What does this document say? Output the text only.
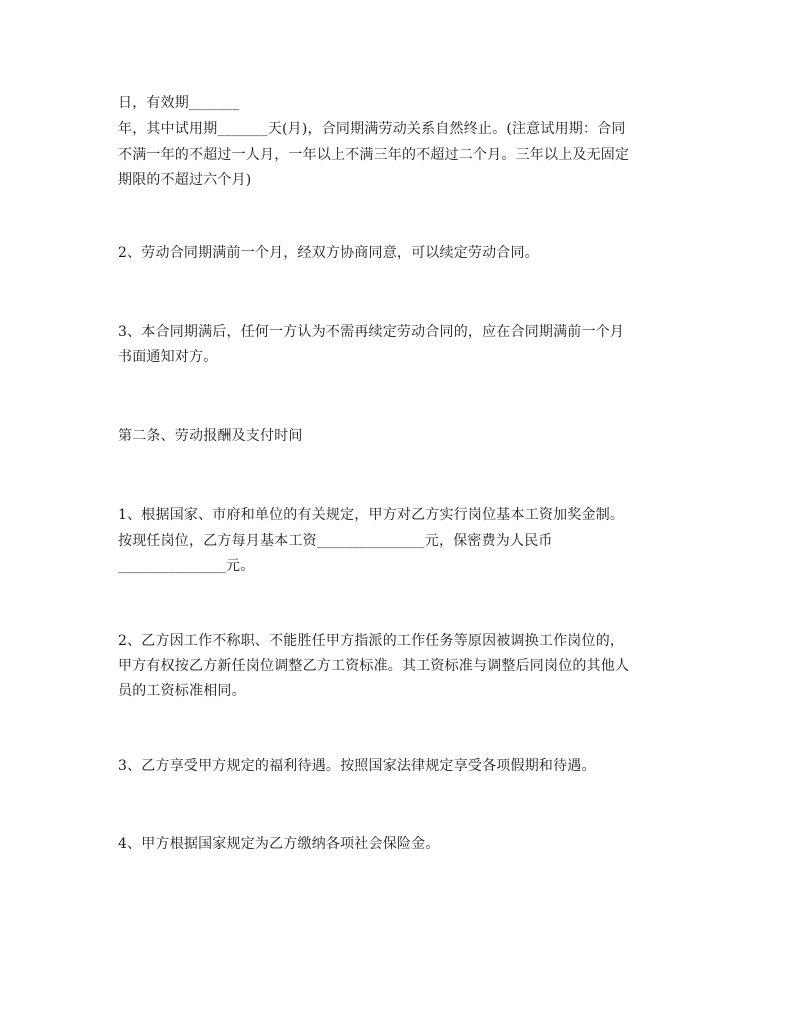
日，有效期_______
年，其中试用期_______天(月)，合同期满劳动关系自然终止。(注意试用期：合同
不满一年的不超过一人月，一年以上不满三年的不超过二个月。三年以上及无固定
期限的不超过六个月)
2、劳动合同期满前一个月，经双方协商同意，可以续定劳动合同。
3、本合同期满后，任何一方认为不需再续定劳动合同的，应在合同期满前一个月
书面通知对方。
第二条、劳动报酬及支付时间
1、根据国家、市府和单位的有关规定，甲方对乙方实行岗位基本工资加奖金制。
按现任岗位，乙方每月基本工资_______________元，保密费为人民币
_______________元。
2、乙方因工作不称职、不能胜任甲方指派的工作任务等原因被调换工作岗位的，
甲方有权按乙方新任岗位调整乙方工资标准。其工资标准与调整后同岗位的其他人
员的工资标准相同。
3、乙方享受甲方规定的福利待遇。按照国家法律规定享受各项假期和待遇。
4、甲方根据国家规定为乙方缴纳各项社会保险金。
